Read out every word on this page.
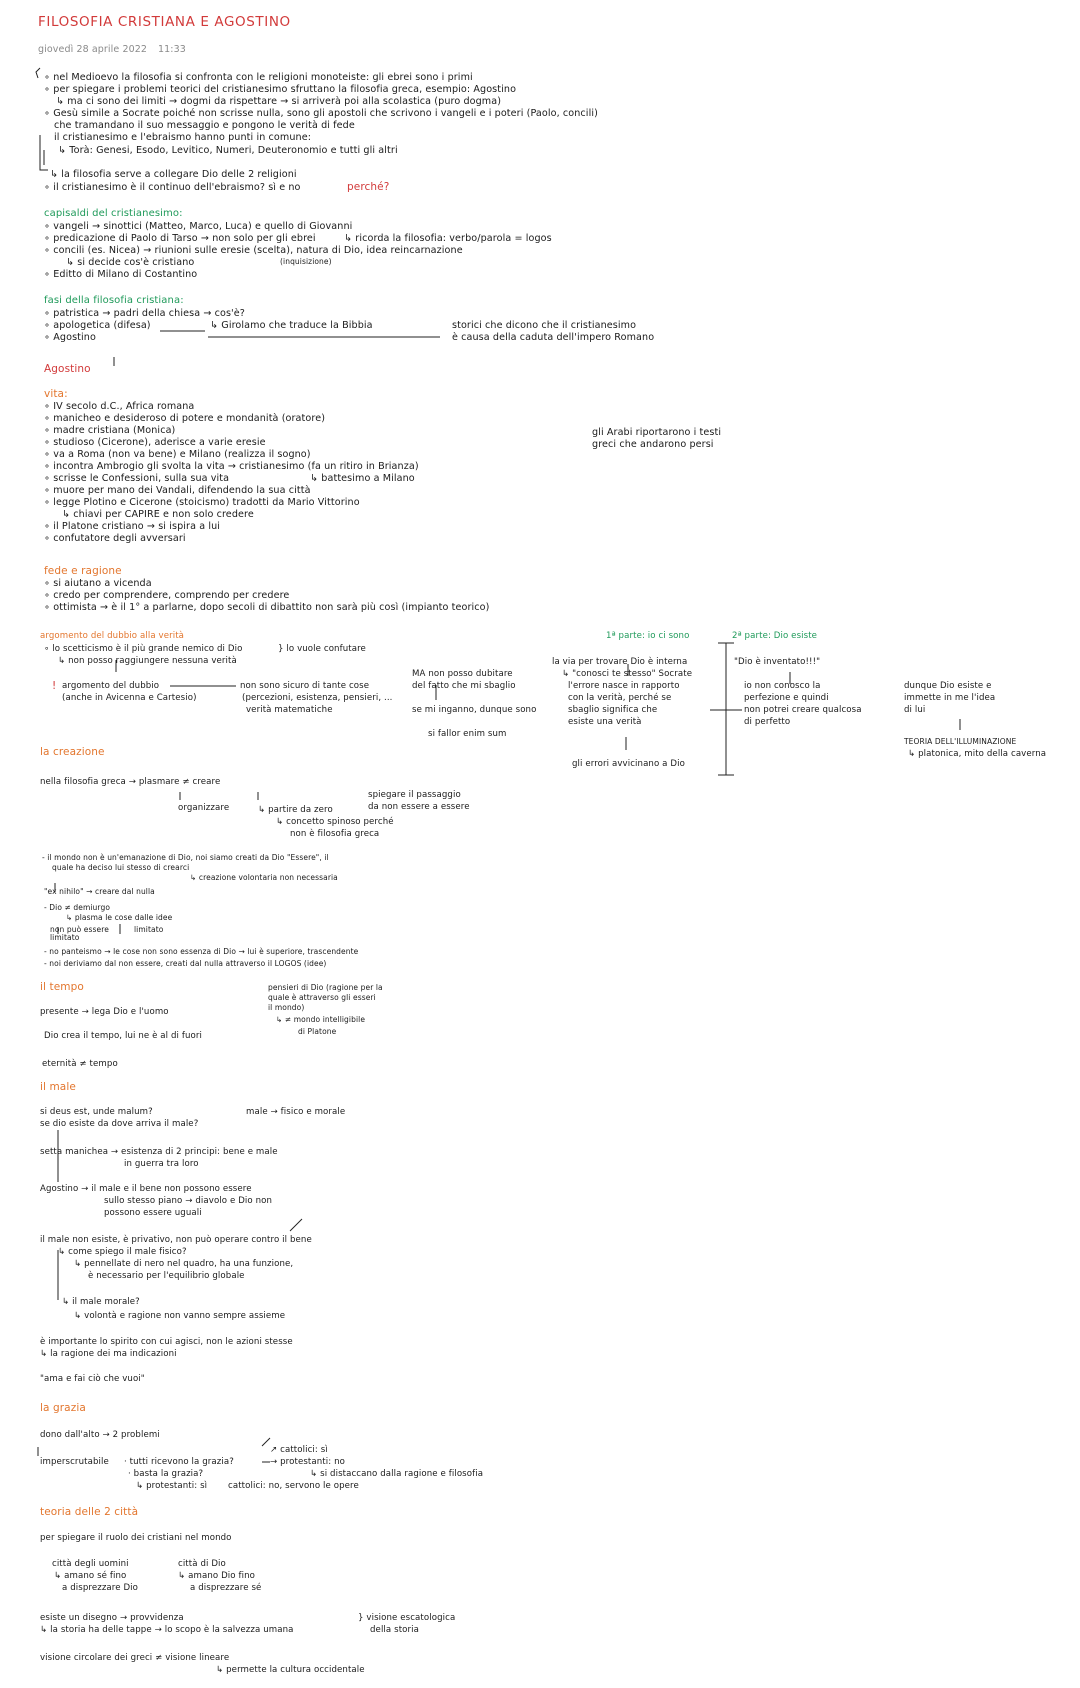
FILOSOFIA CRISTIANA E AGOSTINO
giovedì 28 aprile 2022 11:33
∘ nel Medioevo la filosofia si confronta con le religioni monoteiste: gli ebrei sono i primi
∘ per spiegare i problemi teorici del cristianesimo sfruttano la filosofia greca, esempio: Agostino
↳ ma ci sono dei limiti → dogmi da rispettare → si arriverà poi alla scolastica (puro dogma)
∘ Gesù simile a Socrate poiché non scrisse nulla, sono gli apostoli che scrivono i vangeli e i poteri (Paolo, concili)
che tramandano il suo messaggio e pongono le verità di fede
il cristianesimo e l'ebraismo hanno punti in comune:
↳ Torà: Genesi, Esodo, Levitico, Numeri, Deuteronomio e tutti gli altri
↳ la filosofia serve a collegare Dio delle 2 religioni
∘ il cristianesimo è il continuo dell'ebraismo? sì e no	perché?
capisaldi del cristianesimo:
∘ vangeli → sinottici (Matteo, Marco, Luca) e quello di Giovanni
∘ predicazione di Paolo di Tarso → non solo per gli ebrei	↳ ricorda la filosofia: verbo/parola = logos
∘ concili (es. Nicea) → riunioni sulle eresie (scelta), natura di Dio, idea reincarnazione
(inquisizione)
↳ si decide cos'è cristiano
∘ Editto di Milano di Costantino
fasi della filosofia cristiana:
∘ patristica → padri della chiesa → cos'è?
∘ apologetica (difesa)	↳ Girolamo che traduce la Bibbia
∘ Agostino
storici che dicono che il cristianesimo
è causa della caduta dell'impero Romano
Agostino
vita:
∘ IV secolo d.C., Africa romana
∘ manicheo e desideroso di potere e mondanità (oratore)
∘ madre cristiana (Monica)
∘ studioso (Cicerone), aderisce a varie eresie
∘ va a Roma (non va bene) e Milano (realizza il sogno)
∘ incontra Ambrogio gli svolta la vita → cristianesimo (fa un ritiro in Brianza)
∘ scrisse le Confessioni, sulla sua vita	↳ battesimo a Milano
∘ muore per mano dei Vandali, difendendo la sua città
∘ legge Plotino e Cicerone (stoicismo) tradotti da Mario Vittorino
↳ chiavi per CAPIRE e non solo credere
∘ il Platone cristiano → si ispira a lui
∘ confutatore degli avversari
gli Arabi riportarono i testi
greci che andarono persi
fede e ragione
∘ si aiutano a vicenda
∘ credo per comprendere, comprendo per credere
∘ ottimista → è il 1° a parlarne, dopo secoli di dibattito non sarà più così (impianto teorico)
argomento del dubbio alla verità
∘ lo scetticismo è il più grande nemico di Dio	} lo vuole confutare
↳ non posso raggiungere nessuna verità
! argomento del dubbio
(anche in Avicenna e Cartesio)
non sono sicuro di tante cose
(percezioni, esistenza, pensieri, ...
verità matematiche
MA non posso dubitare
del fatto che mi sbaglio
se mi inganno, dunque sono
si fallor enim sum
la via per trovare Dio è interna
↳ "conosci te stesso" Socrate
l'errore nasce in rapporto
con la verità, perché se
sbaglio significa che
esiste una verità
gli errori avvicinano a Dio
1ª parte: io ci sono	2ª parte: Dio esiste
"Dio è inventato!!!"
io non conosco la
perfezione e quindi
non potrei creare qualcosa
di perfetto
dunque Dio esiste e
immette in me l'idea
di lui
TEORIA DELL'ILLUMINAZIONE
↳ platonica, mito della caverna
la creazione
nella filosofia greca → plasmare ≠ creare
organizzare
spiegare il passaggio
da non essere a essere
↳ partire da zero
↳ concetto spinoso perché
non è filosofia greca
- il mondo non è un'emanazione di Dio, noi siamo creati da Dio "Essere", il
quale ha deciso lui stesso di crearci
↳ creazione volontaria non necessaria
"ex nihilo" → creare dal nulla
- Dio ≠ demiurgo
↳ plasma le cose dalle idee
non può essere
limitato
limitato
- no panteismo → le cose non sono essenza di Dio → lui è superiore, trascendente
- noi deriviamo dal non essere, creati dal nulla attraverso il LOGOS (idee)
il tempo
presente → lega Dio e l'uomo
pensieri di Dio (ragione per la
quale è attraverso gli esseri
il mondo)
↳ ≠ mondo intelligibile
di Platone
Dio crea il tempo, lui ne è al di fuori
eternità ≠ tempo
il male
si deus est, unde malum?
se dio esiste da dove arriva il male?
male → fisico e morale
setta manichea → esistenza di 2 principi: bene e male
in guerra tra loro
Agostino → il male e il bene non possono essere
sullo stesso piano → diavolo e Dio non
possono essere uguali
il male non esiste, è privativo, non può operare contro il bene
↳ come spiego il male fisico?
↳ pennellate di nero nel quadro, ha una funzione,
è necessario per l'equilibrio globale
↳ il male morale?
↳ volontà e ragione non vanno sempre assieme
è importante lo spirito con cui agisci, non le azioni stesse
↳ la ragione dei ma indicazioni
"ama e fai ciò che vuoi"
la grazia
dono dall'alto → 2 problemi
imperscrutabile · tutti ricevono la grazia?
↗ cattolici: sì
→ protestanti: no
· basta la grazia?	↳ si distaccano dalla ragione e filosofia
↳ protestanti: sì cattolici: no, servono le opere
teoria delle 2 città
per spiegare il ruolo dei cristiani nel mondo
città degli uomini
↳ amano sé fino
a disprezzare Dio
città di Dio
↳ amano Dio fino
a disprezzare sé
esiste un disegno → provvidenza
↳ la storia ha delle tappe → lo scopo è la salvezza umana
} visione escatologica
della storia
visione circolare dei greci ≠ visione lineare
↳ permette la cultura occidentale
